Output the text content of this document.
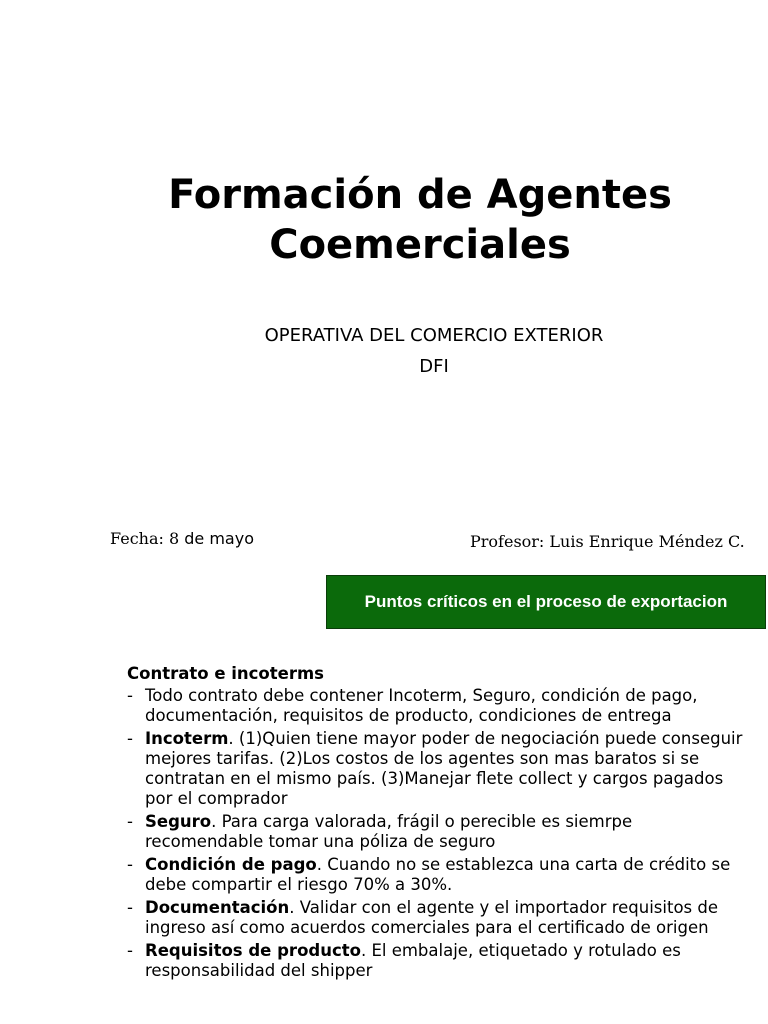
Formación de Agentes
Coemerciales

OPERATIVA DEL COMERCIO EXTERIOR

DFI

Fecha: 8 de mayo	Profesor: Luis Enrique Méndez C.
Puntos críticos en el proceso de exportacion
Contrato e incoterms
- Todo contrato debe contener Incoterm, Seguro, condición de pago, documentación, requisitos de producto, condiciones de entrega
- Incoterm. (1)Quien tiene mayor poder de negociación puede conseguir mejores tarifas. (2)Los costos de los agentes son mas baratos si se contratan en el mismo país. (3)Manejar flete collect y cargos pagados por el comprador
- Seguro. Para carga valorada, frágil o perecible es siemrpe recomendable tomar una póliza de seguro
- Condición de pago. Cuando no se establezca una carta de crédito se debe compartir el riesgo 70% a 30%.
- Documentación. Validar con el agente y el importador requisitos de ingreso así como acuerdos comerciales para el certificado de origen
- Requisitos de producto. El embalaje, etiquetado y rotulado es responsabilidad del shipper
